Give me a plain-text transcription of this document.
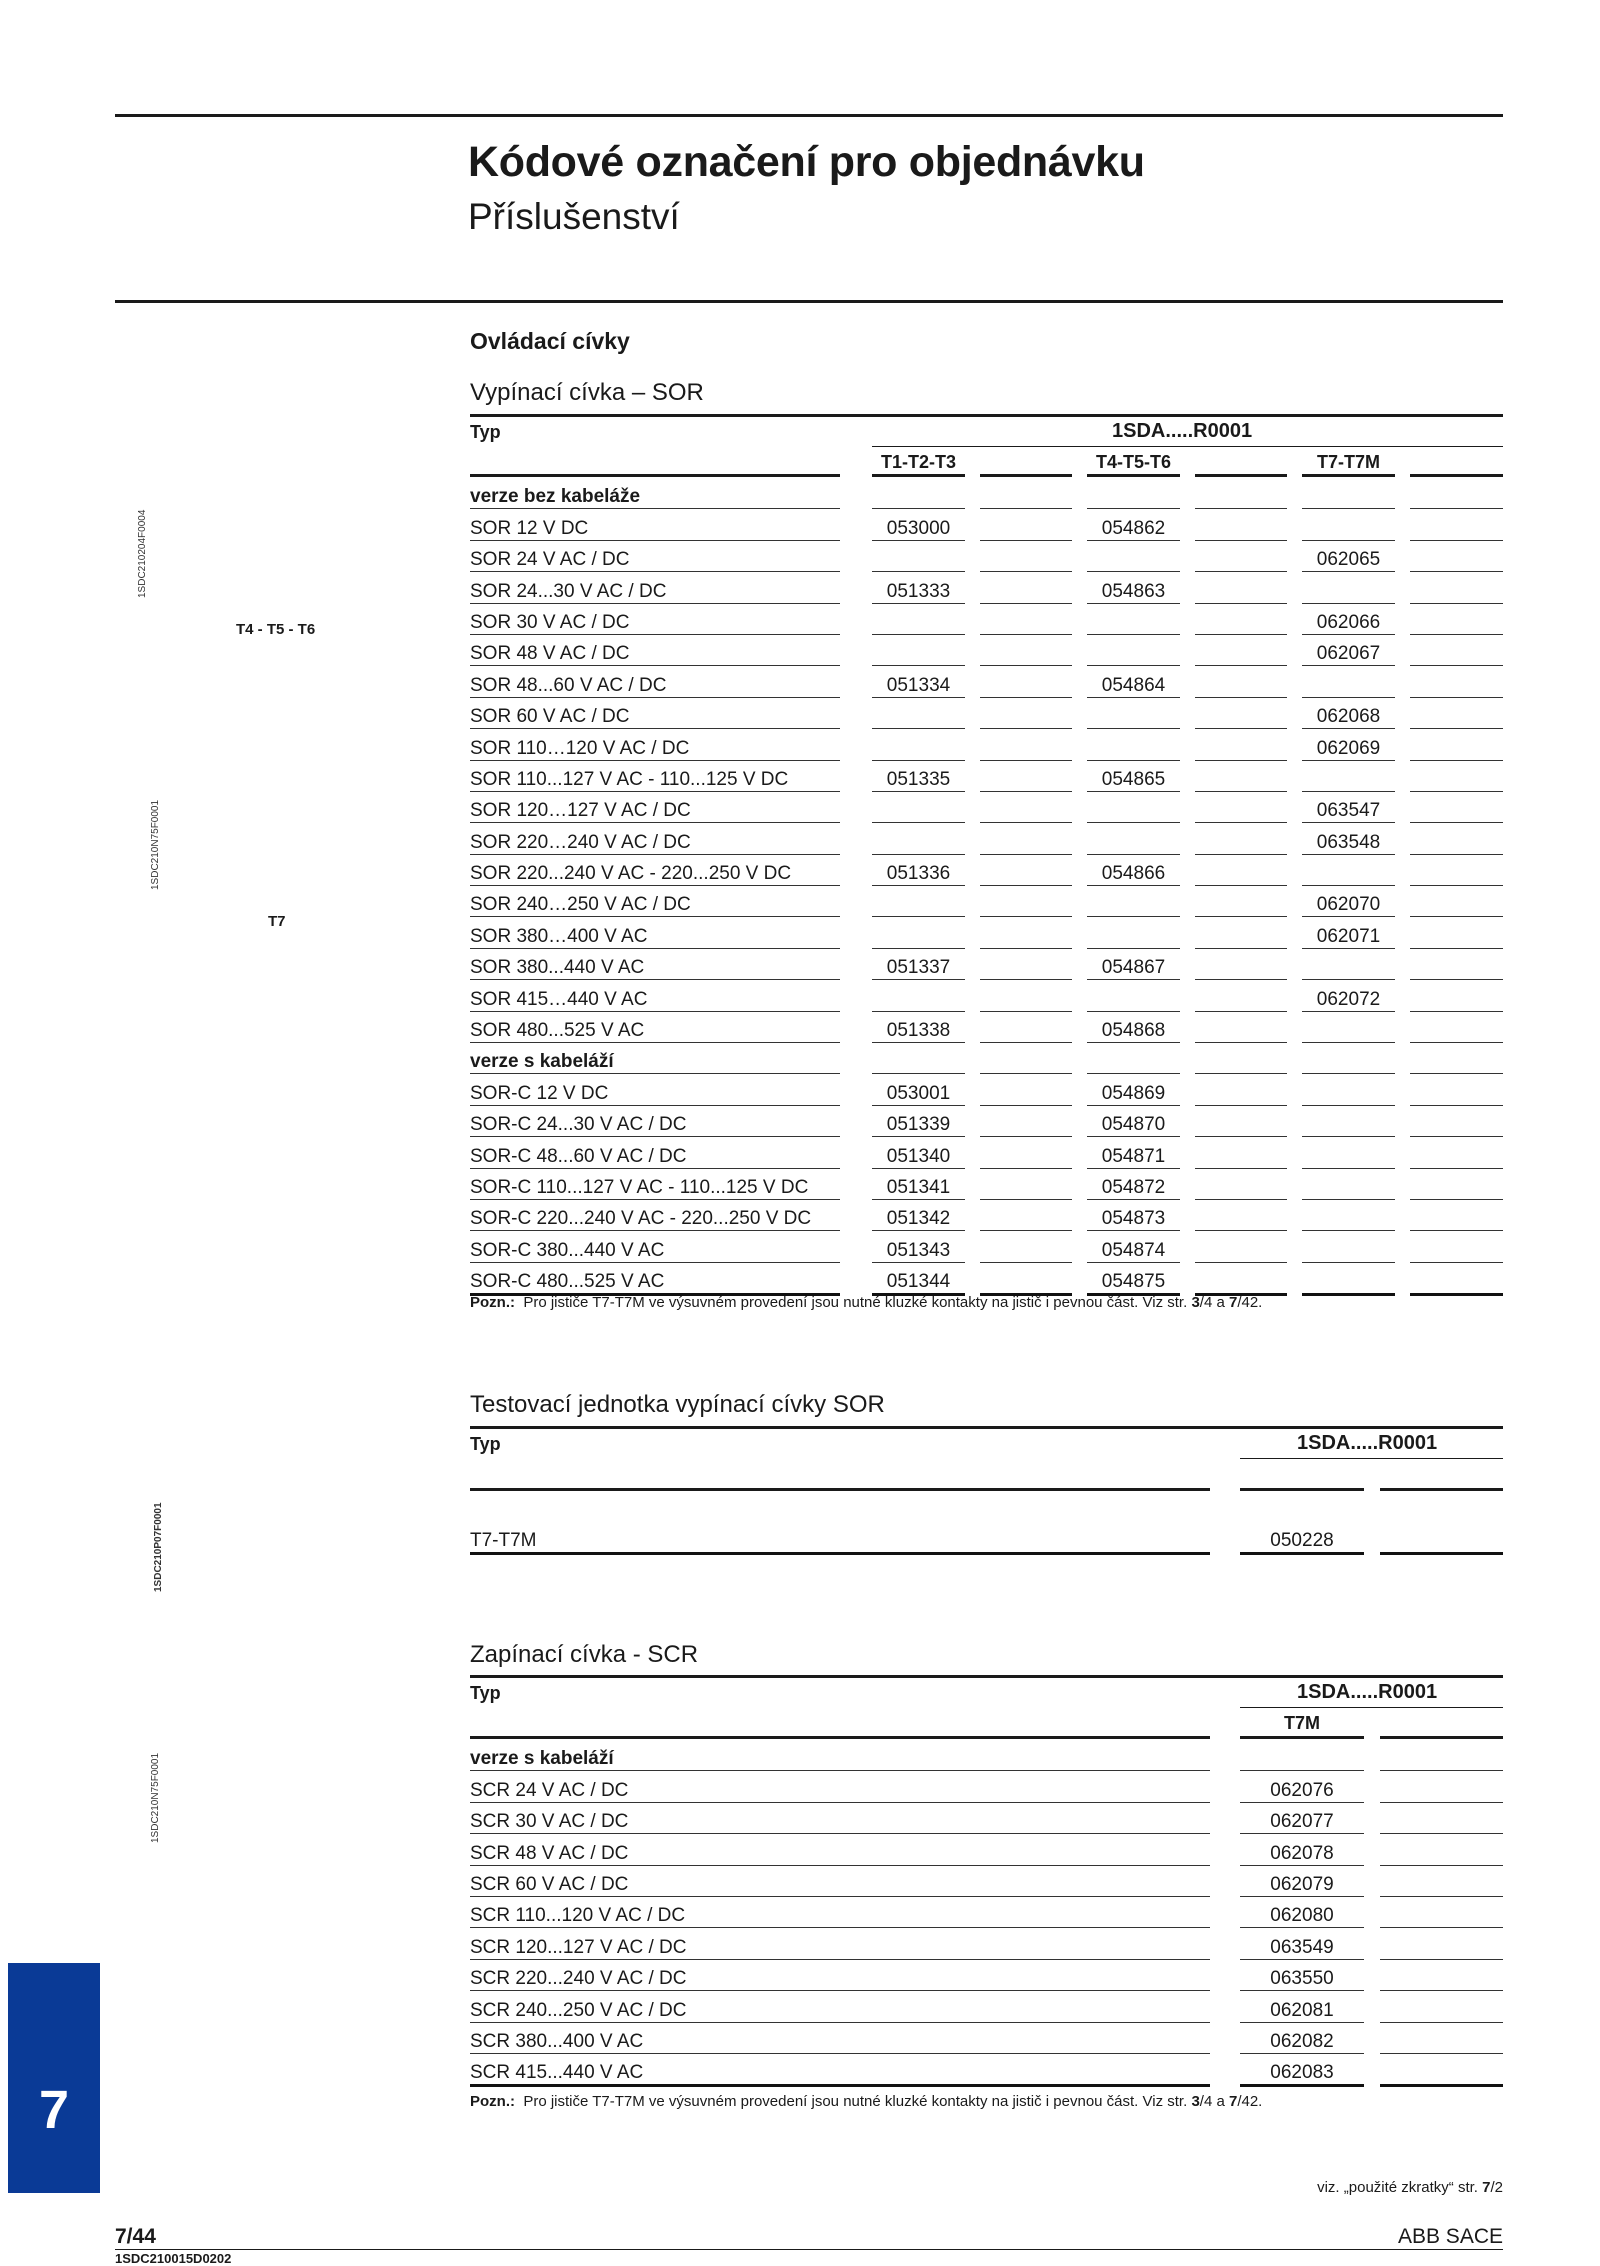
Kódové označení pro objednávku
Příslušenství
1SDC210204F0004
T4 - T5 - T6
1SDC210N75F0001
T7
1SDC210P07F0001
1SDC210N75F0001
Ovládací cívky
Vypínací cívka – SOR
Typ	1SDA.....R0001
T1-T2-T3	T4-T5-T6	T7-T7M
verze bez kabeláže												
SOR 12 V DC		053000				054862						
SOR 24 V AC / DC										062065		
SOR 24...30 V AC / DC		051333				054863						
SOR 30 V AC / DC										062066		
SOR 48 V AC / DC										062067		
SOR 48...60 V AC / DC		051334				054864						
SOR 60 V AC / DC										062068		
SOR 110…120 V AC / DC										062069		
SOR 110...127 V AC - 110...125 V DC		051335				054865						
SOR 120…127 V AC / DC										063547		
SOR 220…240 V AC / DC										063548		
SOR 220...240 V AC - 220...250 V DC		051336				054866						
SOR 240…250 V AC / DC										062070		
SOR 380…400 V AC										062071		
SOR 380...440 V AC		051337				054867						
SOR 415…440 V AC										062072		
SOR 480...525 V AC		051338				054868						
verze s kabeláží												
SOR-C 12 V DC		053001				054869						
SOR-C 24...30 V AC / DC		051339				054870						
SOR-C 48...60 V AC / DC		051340				054871						
SOR-C 110...127 V AC - 110...125 V DC		051341				054872						
SOR-C 220...240 V AC - 220...250 V DC		051342				054873						
SOR-C 380...440 V AC		051343				054874						
SOR-C 480...525 V AC		051344				054875						
Pozn.: Pro jističe T7-T7M ve výsuvném provedení jsou nutné kluzké kontakty na jistič i pevnou část. Viz str. 3/4 a 7/42.
Testovací jednotka vypínací cívky SOR
Typ	1SDA.....R0001

T7-T7M		050228		
Zapínací cívka - SCR
Typ	1SDA.....R0001
T7M
verze s kabeláží				
SCR 24 V AC / DC		062076		
SCR 30 V AC / DC		062077		
SCR 48 V AC / DC		062078		
SCR 60 V AC / DC		062079		
SCR 110...120 V AC / DC		062080		
SCR 120...127 V AC / DC		063549		
SCR 220...240 V AC / DC		063550		
SCR 240...250 V AC / DC		062081		
SCR 380...400 V AC		062082		
SCR 415...440 V AC		062083		
Pozn.: Pro jističe T7-T7M ve výsuvném provedení jsou nutné kluzké kontakty na jistič i pevnou část. Viz str. 3/4 a 7/42.
viz. „použité zkratky“ str. 7/2
7
7/44	ABB SACE
1SDC210015D0202
